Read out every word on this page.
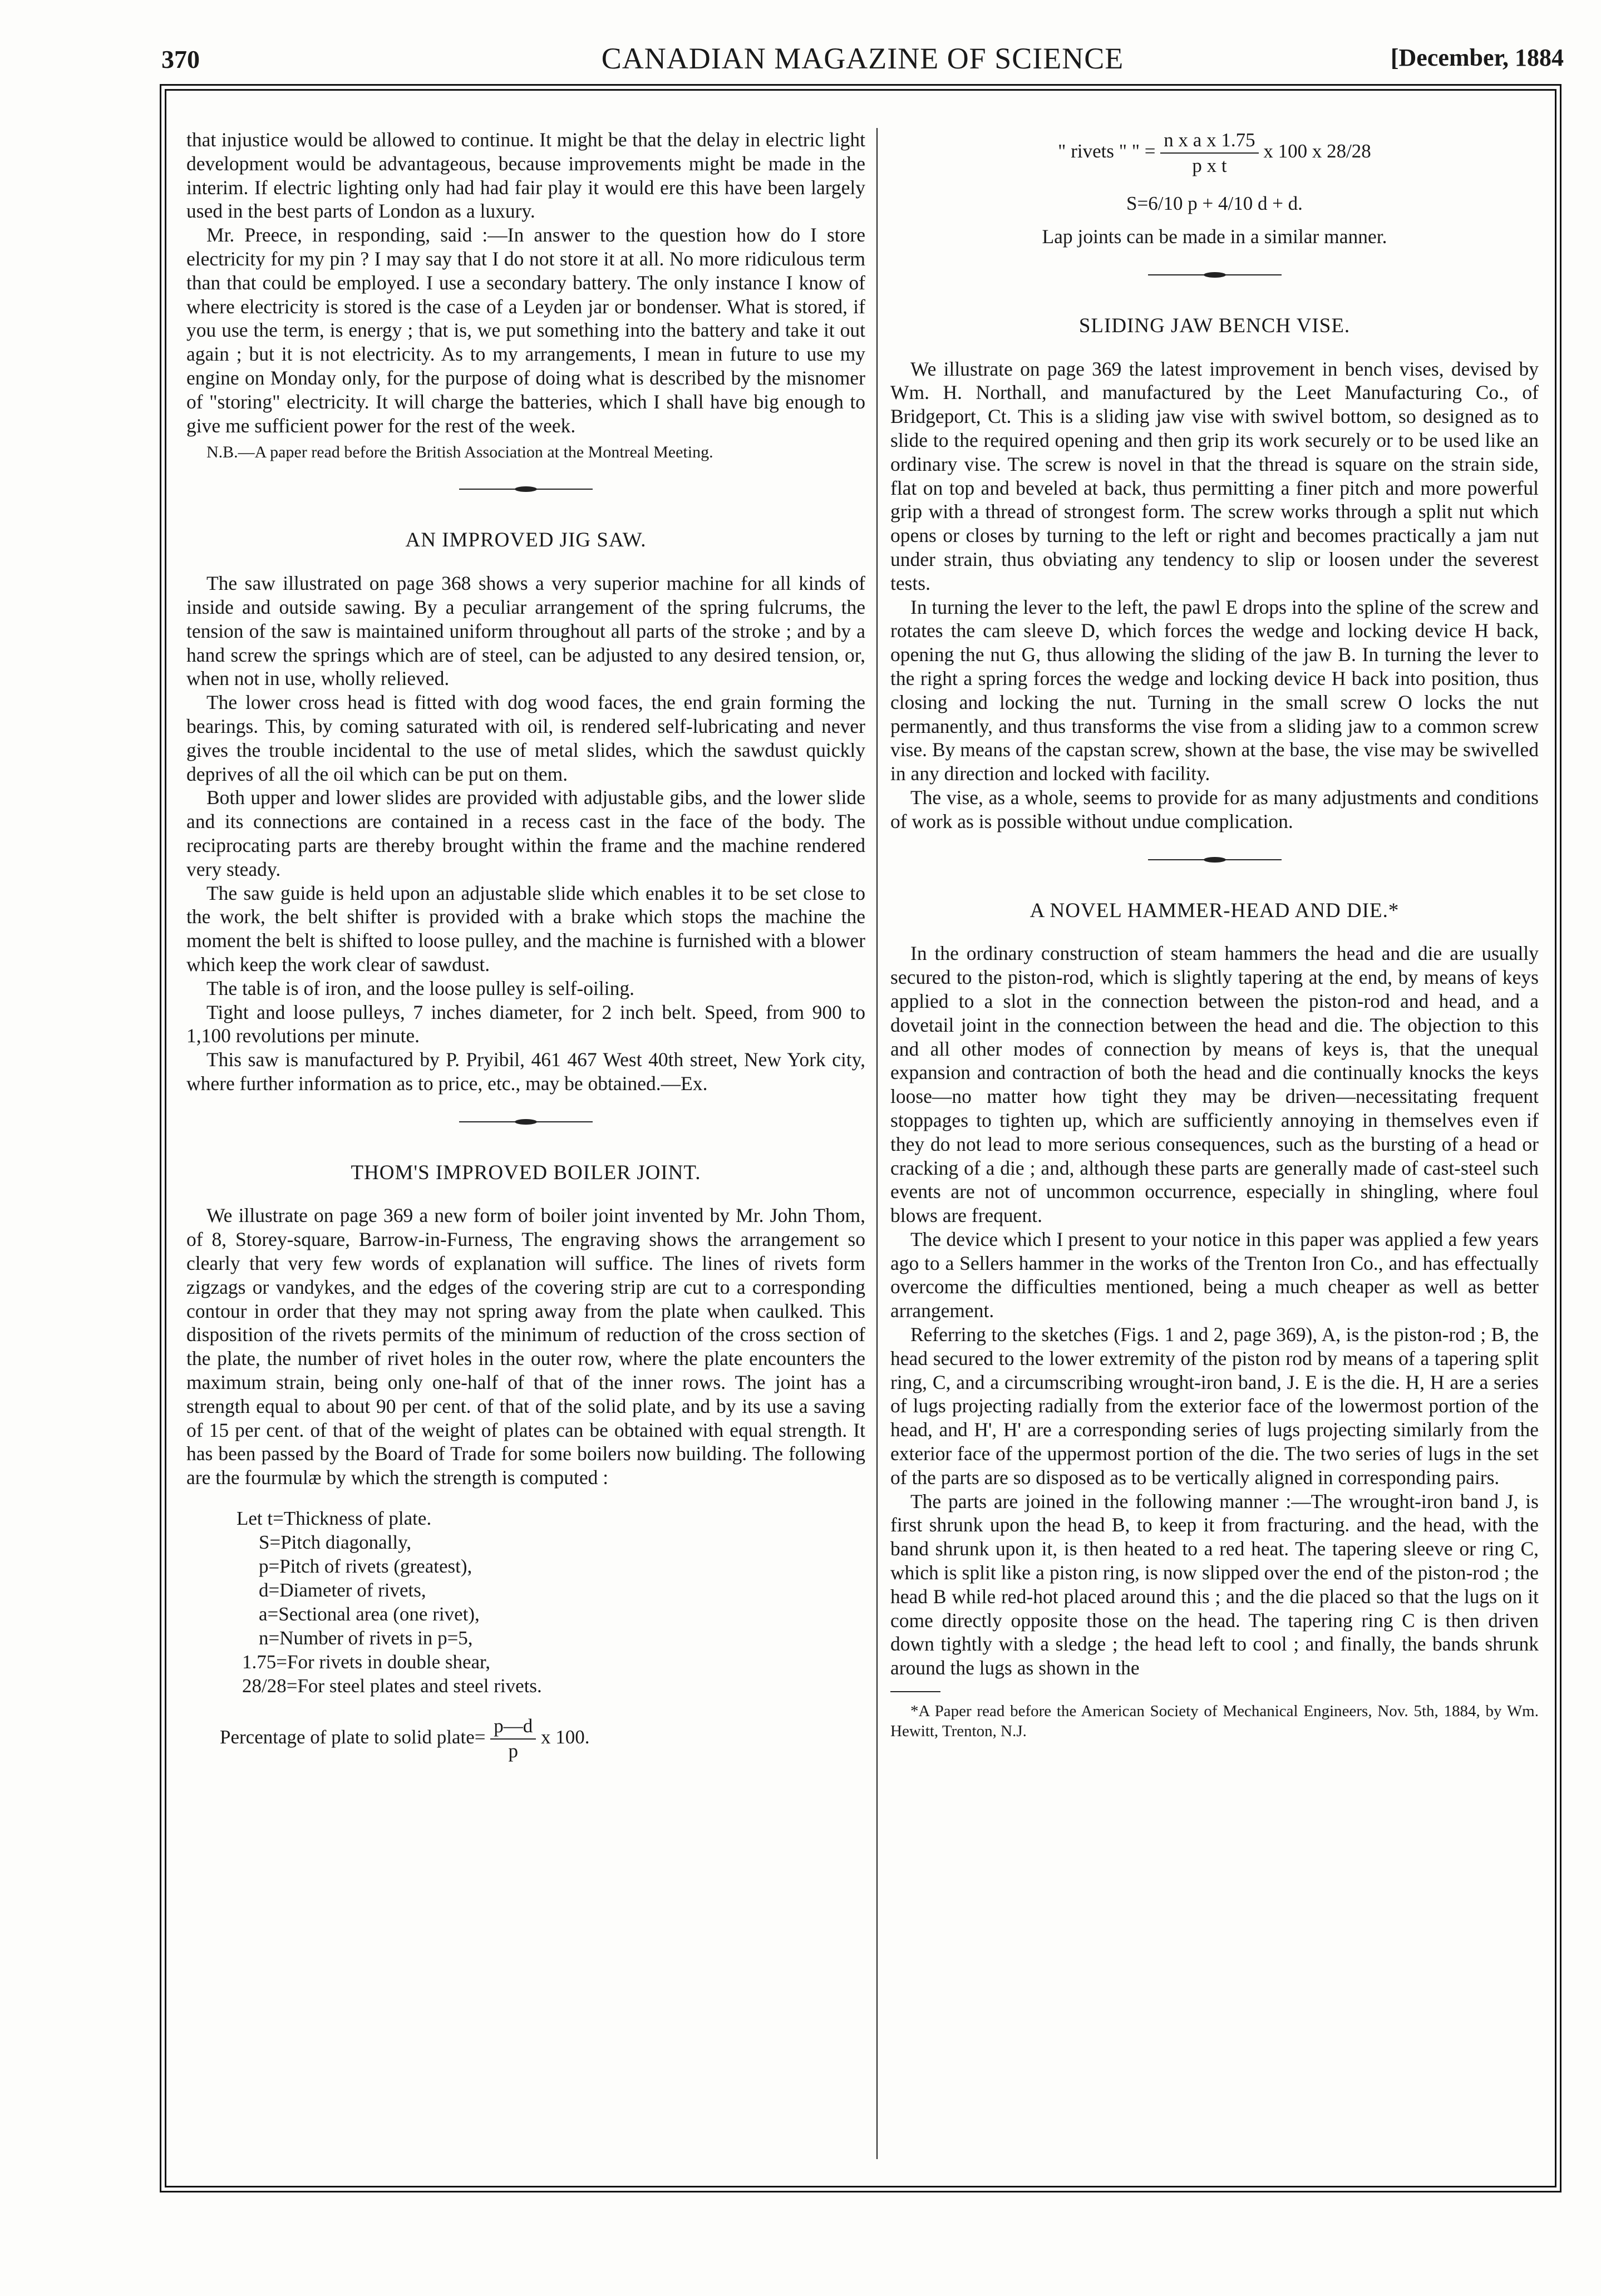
370	CANADIAN MAGAZINE OF SCIENCE	[December, 1884

that injustice would be allowed to continue. It might be that the delay in electric light development would be advantageous, because improvements might be made in the interim. If electric lighting only had had fair play it would ere this have been largely used in the best parts of London as a luxury.

Mr. Preece, in responding, said :—In answer to the question how do I store electricity for my pin ? I may say that I do not store it at all. No more ridiculous term than that could be employed. I use a secondary battery. The only instance I know of where electricity is stored is the case of a Leyden jar or bondenser. What is stored, if you use the term, is energy ; that is, we put something into the battery and take it out again ; but it is not electricity. As to my arrangements, I mean in future to use my engine on Monday only, for the purpose of doing what is described by the misnomer of "storing" electricity. It will charge the batteries, which I shall have big enough to give me sufficient power for the rest of the week.

N.B.—A paper read before the British Association at the Montreal Meeting.

AN IMPROVED JIG SAW.

The saw illustrated on page 368 shows a very superior machine for all kinds of inside and outside sawing. By a peculiar arrangement of the spring fulcrums, the tension of the saw is maintained uniform throughout all parts of the stroke ; and by a hand screw the springs which are of steel, can be adjusted to any desired tension, or, when not in use, wholly relieved.

The lower cross head is fitted with dog wood faces, the end grain forming the bearings. This, by coming saturated with oil, is rendered self-lubricating and never gives the trouble incidental to the use of metal slides, which the sawdust quickly deprives of all the oil which can be put on them.

Both upper and lower slides are provided with adjustable gibs, and the lower slide and its connections are contained in a recess cast in the face of the body. The reciprocating parts are thereby brought within the frame and the machine rendered very steady.

The saw guide is held upon an adjustable slide which enables it to be set close to the work, the belt shifter is provided with a brake which stops the machine the moment the belt is shifted to loose pulley, and the machine is furnished with a blower which keep the work clear of sawdust.

The table is of iron, and the loose pulley is self-oiling.

Tight and loose pulleys, 7 inches diameter, for 2 inch belt. Speed, from 900 to 1,100 revolutions per minute.

This saw is manufactured by P. Pryibil, 461 467 West 40th street, New York city, where further information as to price, etc., may be obtained.—Ex.

THOM'S IMPROVED BOILER JOINT.

We illustrate on page 369 a new form of boiler joint invented by Mr. John Thom, of 8, Storey-square, Barrow-in-Furness, The engraving shows the arrangement so clearly that very few words of explanation will suffice. The lines of rivets form zigzags or vandykes, and the edges of the covering strip are cut to a corresponding contour in order that they may not spring away from the plate when caulked. This disposition of the rivets permits of the minimum of reduction of the cross section of the plate, the number of rivet holes in the outer row, where the plate encounters the maximum strain, being only one-half of that of the inner rows. The joint has a strength equal to about 90 per cent. of that of the solid plate, and by its use a saving of 15 per cent. of that of the weight of plates can be obtained with equal strength. It has been passed by the Board of Trade for some boilers now building. The following are the fourmulæ by which the strength is computed :

Let t=Thickness of plate.
S=Pitch diagonally,
p=Pitch of rivets (greatest),
d=Diameter of rivets,
a=Sectional area (one rivet),
n=Number of rivets in p=5,
1.75=For rivets in double shear,
28/28=For steel plates and steel rivets.
Percentage of plate to solid plate= $\frac{p—d}{p}$ x 100.
" rivets " " = $\frac{\text{n x a x 1.75}}{\text{p x t}}$ x 100 x 28/28
S=6/10 p + 4/10 d + d.

Lap joints can be made in a similar manner.

SLIDING JAW BENCH VISE.

We illustrate on page 369 the latest improvement in bench vises, devised by Wm. H. Northall, and manufactured by the Leet Manufacturing Co., of Bridgeport, Ct. This is a sliding jaw vise with swivel bottom, so designed as to slide to the required opening and then grip its work securely or to be used like an ordinary vise. The screw is novel in that the thread is square on the strain side, flat on top and beveled at back, thus permitting a finer pitch and more powerful grip with a thread of strongest form. The screw works through a split nut which opens or closes by turning to the left or right and becomes practically a jam nut under strain, thus obviating any tendency to slip or loosen under the severest tests.

In turning the lever to the left, the pawl E drops into the spline of the screw and rotates the cam sleeve D, which forces the wedge and locking device H back, opening the nut G, thus allowing the sliding of the jaw B. In turning the lever to the right a spring forces the wedge and locking device H back into position, thus closing and locking the nut. Turning in the small screw O locks the nut permanently, and thus transforms the vise from a sliding jaw to a common screw vise. By means of the capstan screw, shown at the base, the vise may be swivelled in any direction and locked with facility.

The vise, as a whole, seems to provide for as many adjustments and conditions of work as is possible without undue complication.

A NOVEL HAMMER-HEAD AND DIE.*

In the ordinary construction of steam hammers the head and die are usually secured to the piston-rod, which is slightly tapering at the end, by means of keys applied to a slot in the connection between the piston-rod and head, and a dovetail joint in the connection between the head and die. The objection to this and all other modes of connection by means of keys is, that the unequal expansion and contraction of both the head and die continually knocks the keys loose—no matter how tight they may be driven—necessitating frequent stoppages to tighten up, which are sufficiently annoying in themselves even if they do not lead to more serious consequences, such as the bursting of a head or cracking of a die ; and, although these parts are generally made of cast-steel such events are not of uncommon occurrence, especially in shingling, where foul blows are frequent.

The device which I present to your notice in this paper was applied a few years ago to a Sellers hammer in the works of the Trenton Iron Co., and has effectually overcome the difficulties mentioned, being a much cheaper as well as better arrangement.

Referring to the sketches (Figs. 1 and 2, page 369), A, is the piston-rod ; B, the head secured to the lower extremity of the piston rod by means of a tapering split ring, C, and a circumscribing wrought-iron band, J. E is the die. H, H are a series of lugs projecting radially from the exterior face of the lowermost portion of the head, and H', H' are a corresponding series of lugs projecting similarly from the exterior face of the uppermost portion of the die. The two series of lugs in the set of the parts are so disposed as to be vertically aligned in corresponding pairs.

The parts are joined in the following manner :—The wrought-iron band J, is first shrunk upon the head B, to keep it from fracturing. and the head, with the band shrunk upon it, is then heated to a red heat. The tapering sleeve or ring C, which is split like a piston ring, is now slipped over the end of the piston-rod ; the head B while red-hot placed around this ; and the die placed so that the lugs on it come directly opposite those on the head. The tapering ring C is then driven down tightly with a sledge ; the head left to cool ; and finally, the bands shrunk around the lugs as shown in the

*A Paper read before the American Society of Mechanical Engineers, Nov. 5th, 1884, by Wm. Hewitt, Trenton, N.J.
